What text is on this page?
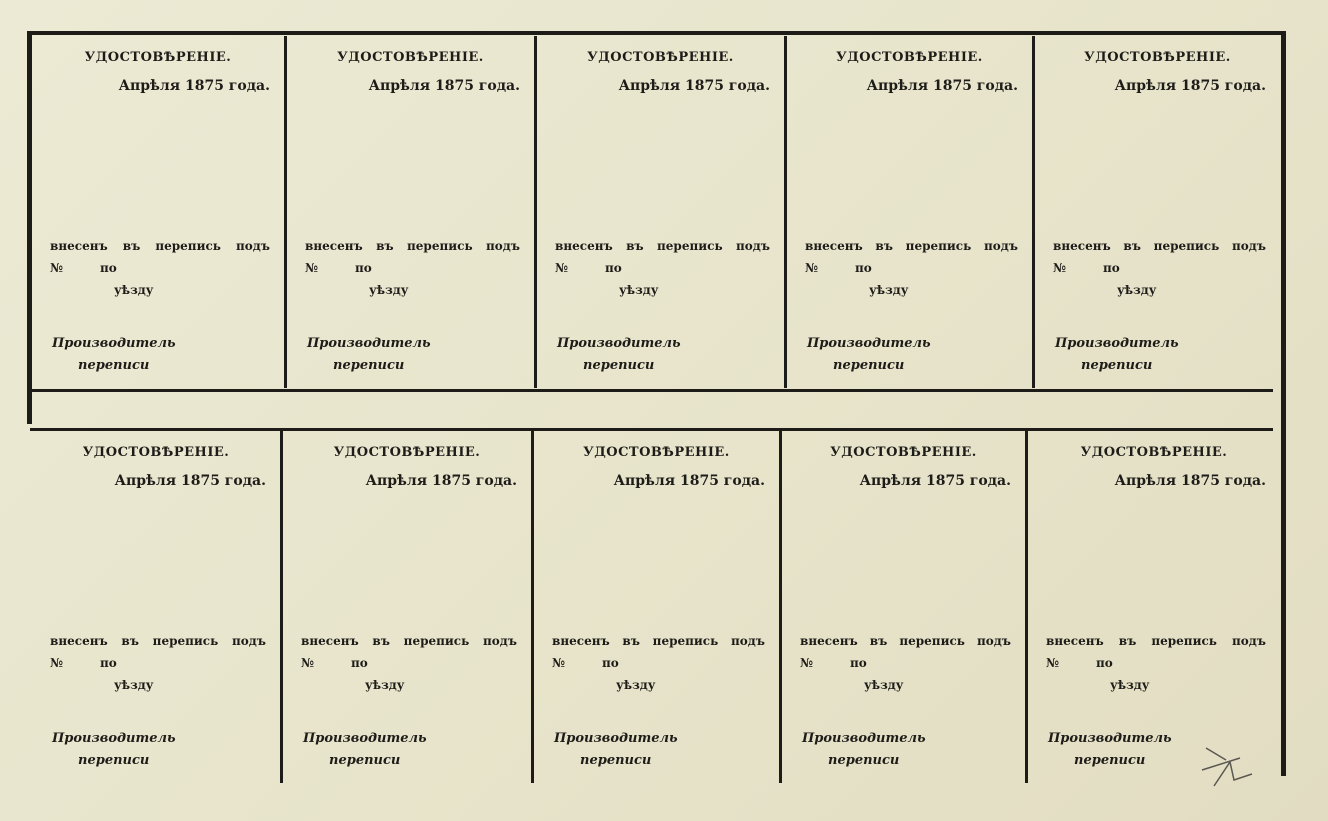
УДОСТОВѢРЕНІЕ.
Апрѣля 1875 года.
внесенъ въ перепись подъ
№	по
уѣзду
Производитель
переписи
УДОСТОВѢРЕНІЕ.
Апрѣля 1875 года.
внесенъ въ перепись подъ
№	по
уѣзду
Производитель
переписи
УДОСТОВѢРЕНІЕ.
Апрѣля 1875 года.
внесенъ въ перепись подъ
№	по
уѣзду
Производитель
переписи
УДОСТОВѢРЕНІЕ.
Апрѣля 1875 года.
внесенъ въ перепись подъ
№	по
уѣзду
Производитель
переписи
УДОСТОВѢРЕНІЕ.
Апрѣля 1875 года.
внесенъ въ перепись подъ
№	по
уѣзду
Производитель
переписи
УДОСТОВѢРЕНІЕ.
Апрѣля 1875 года.
внесенъ въ перепись подъ
№	по
уѣзду
Производитель
переписи
УДОСТОВѢРЕНІЕ.
Апрѣля 1875 года.
внесенъ въ перепись подъ
№	по
уѣзду
Производитель
переписи
УДОСТОВѢРЕНІЕ.
Апрѣля 1875 года.
внесенъ въ перепись подъ
№	по
уѣзду
Производитель
переписи
УДОСТОВѢРЕНІЕ.
Апрѣля 1875 года.
внесенъ въ перепись подъ
№	по
уѣзду
Производитель
переписи
УДОСТОВѢРЕНІЕ.
Апрѣля 1875 года.
внесенъ въ перепись подъ
№	по
уѣзду
Производитель
переписи
